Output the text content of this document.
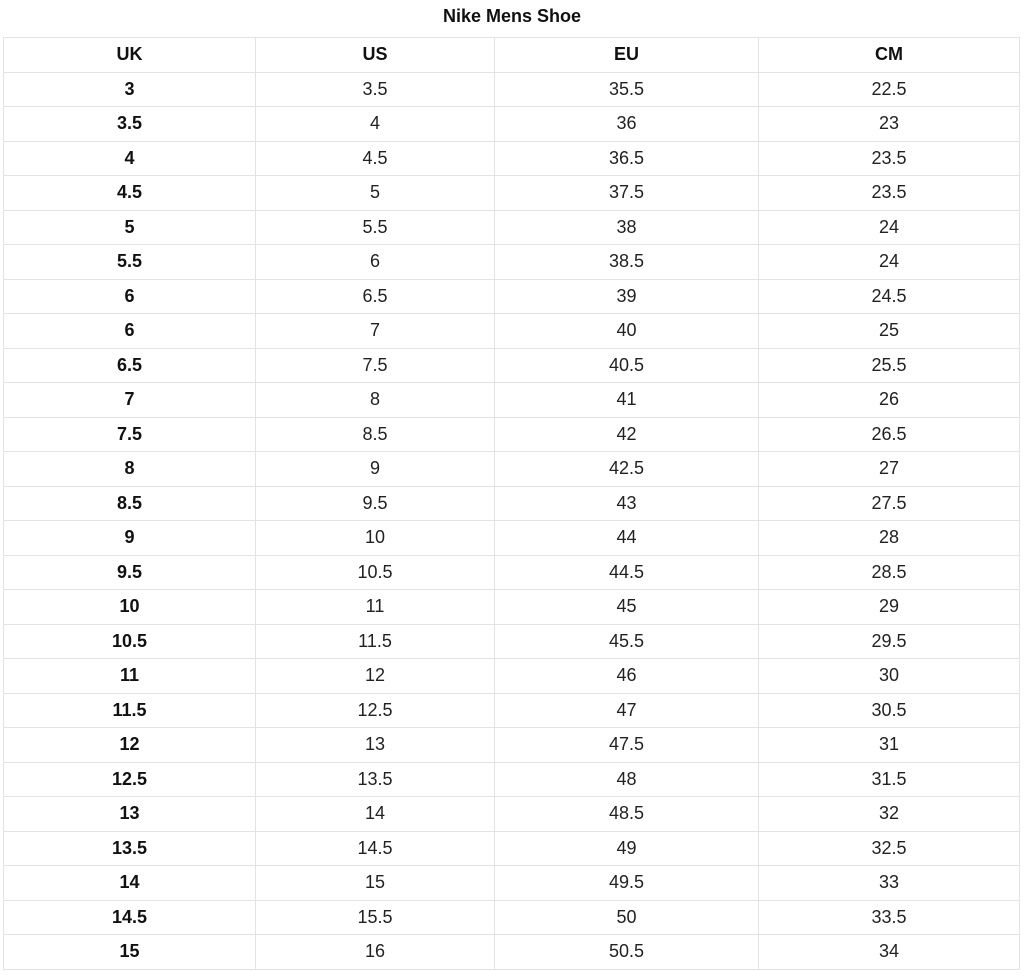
Nike Mens Shoe
UK	US	EU	CM
3	3.5	35.5	22.5
3.5	4	36	23
4	4.5	36.5	23.5
4.5	5	37.5	23.5
5	5.5	38	24
5.5	6	38.5	24
6	6.5	39	24.5
6	7	40	25
6.5	7.5	40.5	25.5
7	8	41	26
7.5	8.5	42	26.5
8	9	42.5	27
8.5	9.5	43	27.5
9	10	44	28
9.5	10.5	44.5	28.5
10	11	45	29
10.5	11.5	45.5	29.5
11	12	46	30
11.5	12.5	47	30.5
12	13	47.5	31
12.5	13.5	48	31.5
13	14	48.5	32
13.5	14.5	49	32.5
14	15	49.5	33
14.5	15.5	50	33.5
15	16	50.5	34
